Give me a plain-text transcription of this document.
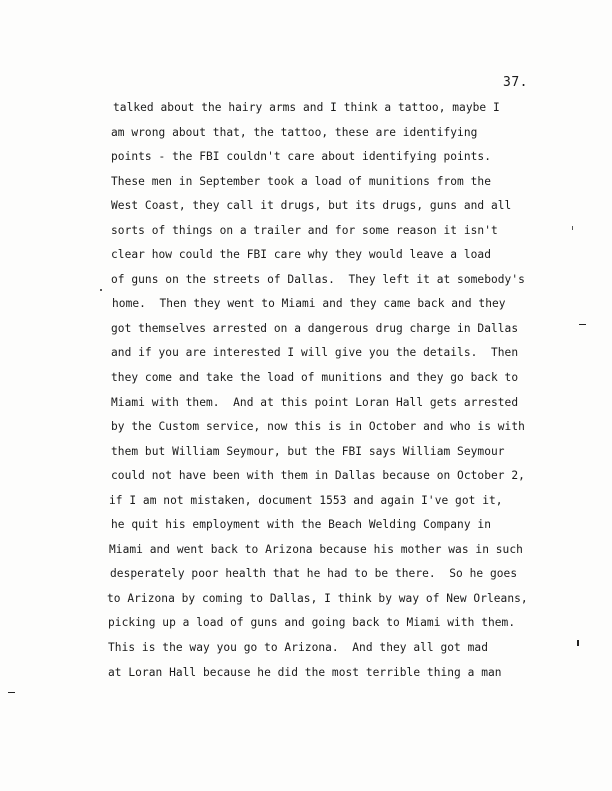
37.
talked about the hairy arms and I think a tattoo, maybe I
am wrong about that, the tattoo, these are identifying
points - the FBI couldn't care about identifying points.
These men in September took a load of munitions from the
West Coast, they call it drugs, but its drugs, guns and all
sorts of things on a trailer and for some reason it isn't
clear how could the FBI care why they would leave a load
of guns on the streets of Dallas.  They left it at somebody's
home.  Then they went to Miami and they came back and they
got themselves arrested on a dangerous drug charge in Dallas
and if you are interested I will give you the details.  Then
they come and take the load of munitions and they go back to
Miami with them.  And at this point Loran Hall gets arrested
by the Custom service, now this is in October and who is with
them but William Seymour, but the FBI says William Seymour
could not have been with them in Dallas because on October 2,
if I am not mistaken, document 1553 and again I've got it,
he quit his employment with the Beach Welding Company in
Miami and went back to Arizona because his mother was in such
desperately poor health that he had to be there.  So he goes
to Arizona by coming to Dallas, I think by way of New Orleans,
picking up a load of guns and going back to Miami with them.
This is the way you go to Arizona.  And they all got mad
at Loran Hall because he did the most terrible thing a man
